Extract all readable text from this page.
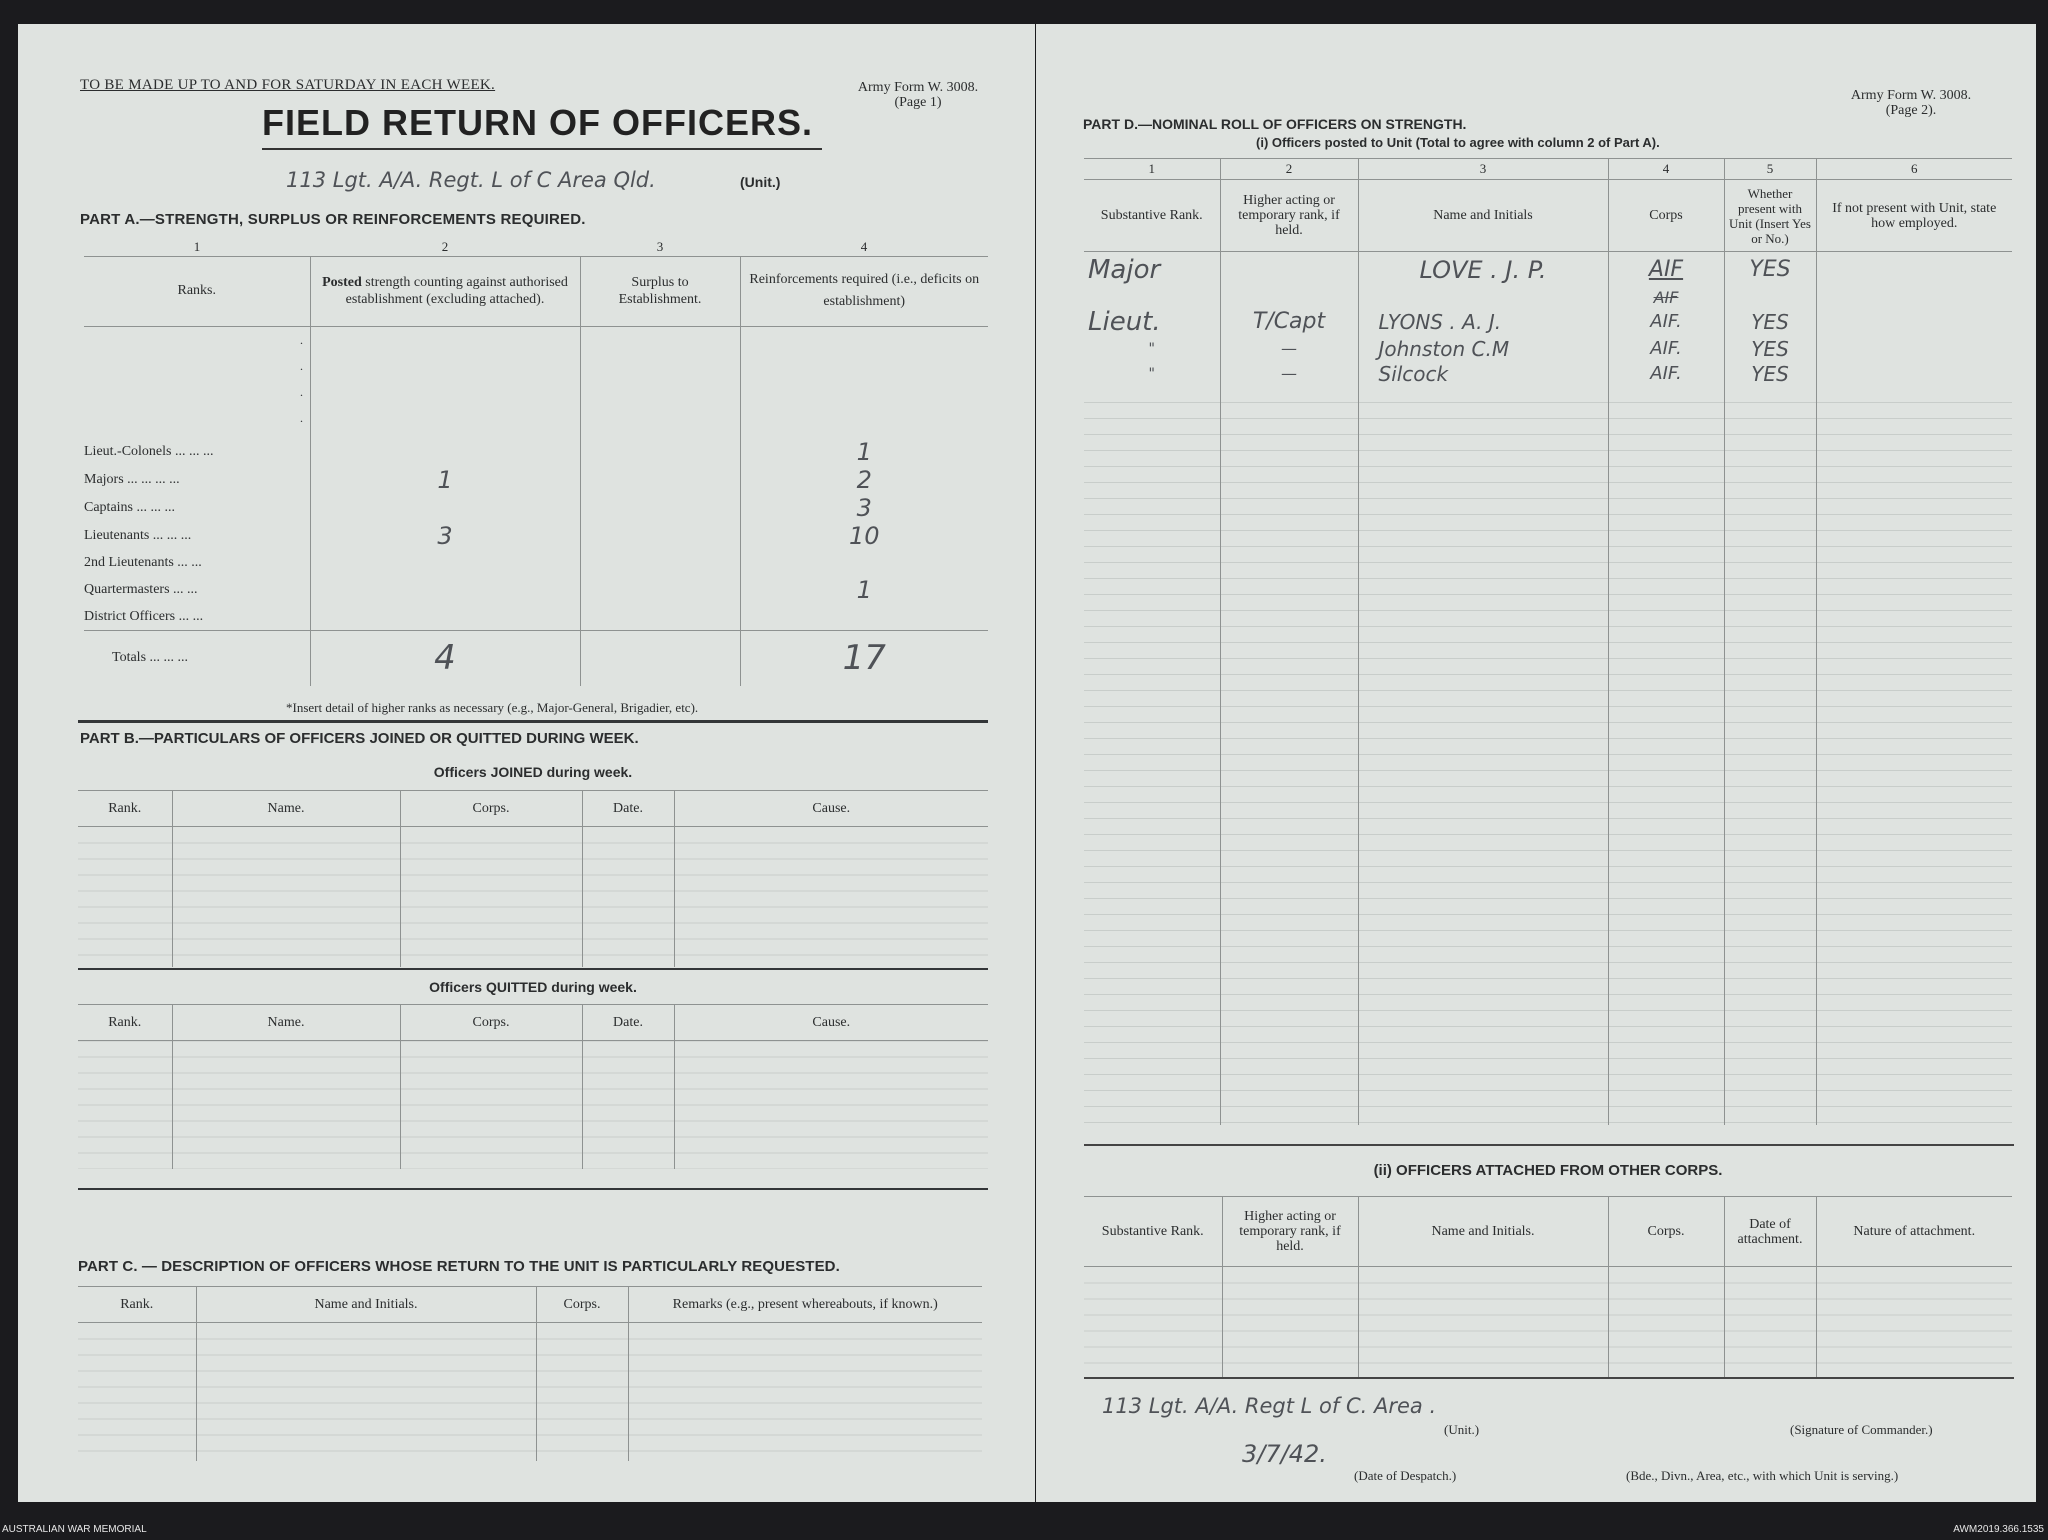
TO BE MADE UP TO AND FOR SATURDAY IN EACH WEEK.	Army Form W. 3008.
(Page 1)
FIELD RETURN OF OFFICERS.
113 Lgt. A/A. Regt. L of C Area Qld.	(Unit.)
PART A.—STRENGTH, SURPLUS OR REINFORCEMENTS REQUIRED.
1	2	3	4
Ranks.	Posted strength counting against authorised establishment (excluding attached).	Surplus to Establishment.	Reinforcements required (i.e., deficits on establishment)
·
·
·
·			
Lieut.-Colonels ... ... ...			1
Majors ... ... ... ...	1		2
Captains ... ... ...			3
Lieutenants ... ... ...	3		10
2nd Lieutenants ... ...			
Quartermasters ... ...			1
District Officers ... ...			
Totals ... ... ...	4		17
*Insert detail of higher ranks as necessary (e.g., Major-General, Brigadier, etc).
PART B.—PARTICULARS OF OFFICERS JOINED OR QUITTED DURING WEEK.
Officers JOINED during week.
Rank.	Name.	Corps.	Date.	Cause.

Officers QUITTED during week.
Rank.	Name.	Corps.	Date.	Cause.

PART C. — DESCRIPTION OF OFFICERS WHOSE RETURN TO THE UNIT IS PARTICULARLY REQUESTED.
Rank.	Name and Initials.	Corps.	Remarks (e.g., present whereabouts, if known.)

Army Form W. 3008.
(Page 2).
PART D.—NOMINAL ROLL OF OFFICERS ON STRENGTH.
(i) Officers posted to Unit (Total to agree with column 2 of Part A).
1	2	3	4	5	6
Substantive Rank.	Higher acting or temporary rank, if held.	Name and Initials	Corps	Whether present with Unit (Insert Yes or No.)	If not present with Unit, state how employed.
Major		LOVE . J. P.	AIF	YES	
			AIF		
Lieut.	T/Capt	LYONS . A. J.	AIF.	YES	
"	—	Johnston C.M	AIF.	YES	
"	—	Silcock	AIF.	YES	

(ii) OFFICERS ATTACHED FROM OTHER CORPS.
Substantive Rank.	Higher acting or temporary rank, if held.	Name and Initials.	Corps.	Date of attachment.	Nature of attachment.

113 Lgt. A/A. Regt L of C. Area .
(Unit.)	(Signature of Commander.)
3/7/42.
(Date of Despatch.)	(Bde., Divn., Area, etc., with which Unit is serving.)
AUSTRALIAN WAR MEMORIAL	AWM2019.366.1535
